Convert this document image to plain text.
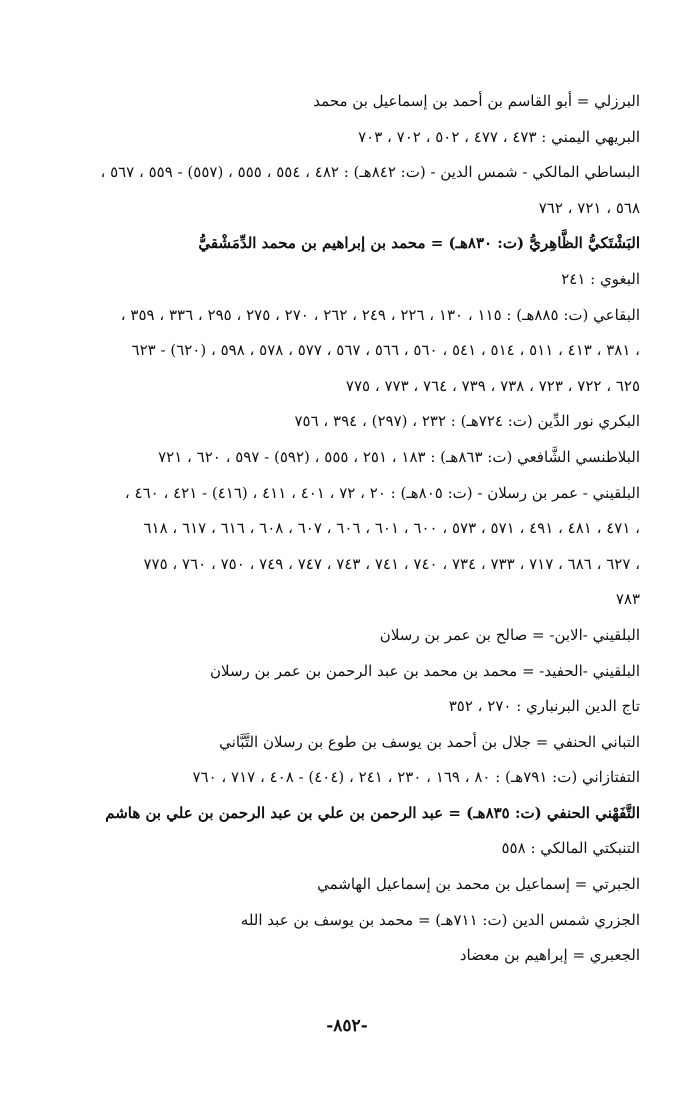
البرزلي = أبو القاسم بن أحمد بن إسماعيل بن محمد
البريهي اليمني : ٤٧٣ ، ٤٧٧ ، ٥٠٢ ، ٧٠٢ ، ٧٠٣
البساطي المالكي - شمس الدين - (ت: ٨٤٢هـ) : ٤٨٢ ، ٥٥٤ ، ٥٥٥ ، (٥٥٧) - ٥٥٩ ، ٥٦٧ ،
٥٦٨ ، ٧٢١ ، ٧٦٢
البَشْتَكيُّ الظَّاهِريُّ (ت: ٨٣٠هـ) = محمد بن إبراهيم بن محمد الدِّمَشْقيُّ
البغوي : ٢٤١
البقاعي (ت: ٨٨٥هـ) : ١١٥ ، ١٣٠ ، ٢٢٦ ، ٢٤٩ ، ٢٦٢ ، ٢٧٠ ، ٢٧٥ ، ٢٩٥ ، ٣٣٦ ، ٣٥٩ ،
٣٨١ ، ٤١٣ ، ٥١١ ، ٥١٤ ، ٥٤١ ، ٥٦٠ ، ٥٦٦ ، ٥٦٧ ، ٥٧٧ ، ٥٧٨ ، ٥٩٨ ، (٦٢٠) - ٦٢٣ ،
٦٢٥ ، ٧٢٢ ، ٧٢٣ ، ٧٣٨ ، ٧٣٩ ، ٧٦٤ ، ٧٧٣ ، ٧٧٥
البكري نور الدِّين (ت: ٧٢٤هـ) : ٢٣٢ ، (٢٩٧) ، ٣٩٤ ، ٧٥٦
البلاطنسي الشَّافعي (ت: ٨٦٣هـ) : ١٨٣ ، ٢٥١ ، ٥٥٥ ، (٥٩٢) - ٥٩٧ ، ٦٢٠ ، ٧٢١
البلقيني - عمر بن رسلان - (ت: ٨٠٥هـ) : ٢٠ ، ٧٢ ، ٤٠١ ، ٤١١ ، (٤١٦) - ٤٢١ ، ٤٦٠ ،
٤٧١ ، ٤٨١ ، ٤٩١ ، ٥٧١ ، ٥٧٣ ، ٦٠٠ ، ٦٠١ ، ٦٠٦ ، ٦٠٧ ، ٦٠٨ ، ٦١٦ ، ٦١٧ ، ٦١٨ ،
٦٢٧ ، ٦٨٦ ، ٧١٧ ، ٧٣٣ ، ٧٣٤ ، ٧٤٠ ، ٧٤١ ، ٧٤٣ ، ٧٤٧ ، ٧٤٩ ، ٧٥٠ ، ٧٦٠ ، ٧٧٥ ،
٧٨٣
البلقيني -الابن- = صالح بن عمر بن رسلان
البلقيني -الحفيد- = محمد بن محمد بن عبد الرحمن بن عمر بن رسلان
تاج الدين البرنباري : ٢٧٠ ، ٣٥٢
التباني الحنفي = جلال بن أحمد بن يوسف بن طوع بن رسلان التَّبَّاني
التفتازاني (ت: ٧٩١هـ) : ٨٠ ، ١٦٩ ، ٢٣٠ ، ٢٤١ ، (٤٠٤) - ٤٠٨ ، ٧١٧ ، ٧٦٠
التَّفَهْني الحنفي (ت: ٨٣٥هـ) = عبد الرحمن بن علي بن عبد الرحمن بن علي بن هاشم
التنبكتي المالكي : ٥٥٨
الجبرتي = إسماعيل بن محمد بن إسماعيل الهاشمي
الجزري شمس الدين (ت: ٧١١هـ) = محمد بن يوسف بن عبد الله
الجعبري = إبراهيم بن معضاد
-٨٥٢-
